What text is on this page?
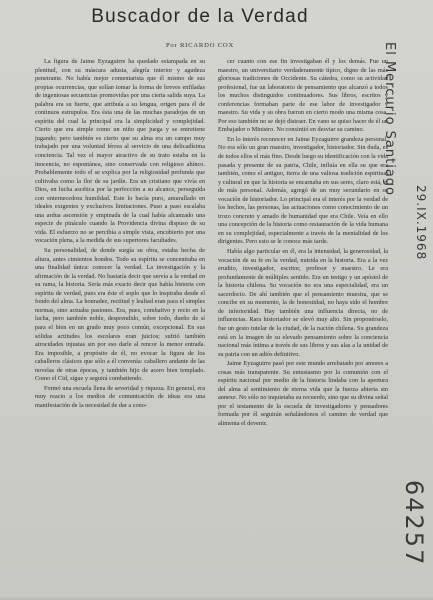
Buscador de la Verdad
Por RICARDO COX

La figura de Jaime Eyzaguirre ha quedado estampada en su plenitud, con su máscara adusta, alegría interior y agudeza penetrante. No había mejor comentarista que él mismo de sus propias ocurrencias, que solían tomar la forma de breves enfiladas de ingeniosas secuencias promovidas por una cierta salida suya. La palabra era su fuerte, que atribuía a su lengua, origen para él de continuos estrupulos. Era ésta una de las muchas paradojas de un espíritu del cual la principal era la simplicidad y complejidad. Cierto que era simple como un niño que juega y se entretiene jugando; pero también es cierto que su alma era un campo muy trabajado por una voluntad férrea al servicio de una delicadísima conciencia. Tal vez el mayor atractivo de su trato estaba en la inocencia, no espontánea, sino conservada con religioso ahínco. Probablemente todo el se explica por la religiosidad profunda que cultivaba como la flor de su jardín. Era un cristiano que vivía en Dios, en lucha ascética por la perfección a su alcance, perseguida con enternecedora humildad. Este lo hacía puro, amurallado en ideales exigentes y exclusivos limitaciones. Puso a paso escalaba una ardua ascensión y empinada de la cual había alcanzado una especie de pináculo cuando la Providencia divina dispuso de su vida. El esfuerzo no se percibía a simple vista, encubierto por una vocación plena, a la medida de sus superiores facultades.

Su personalidad, de donde surgía su obra, estaba hecha de altura, antes cimientos hondos. Todo su espíritu se concentraba en una finalidad única: conocer la verdad. La investigación y la afirmación de la verdad. No bastaría decir que servía a la verdad en su rama, la historia. Sería más exacto decir que había historia con espíritu de verdad, pues era éste el soplo que lo inspiraba desde el fondo del alma. La honradez, rectitud y lealtad eran para el simples normas, sino actuaba pasiones. Era, pues, combativo y recio en la lucha, pero también noble, desprendido, sobre todo, dueño de sí para el bien en un grado muy poco común, excepcional. En sus sólidas actitudes los escolares eran juicios; sufrió también atrocidades injustas sin por eso darle al rencor la menor entrada. Era imposible, a propósito de él, no evocar la figura de los caballeros clásicos que sólo a él convenía: caballero andante de las novelas de otras épocas, y también hijo de acero bien templado. Como el Cid, sigue y seguirá combatiendo.

Formó una escuela llena de severidad y riqueza. En general, era muy reacio a los medios de comunicación de ideas era una manifestación de la necesidad de dar a cono-

cer cuanto con ese fin investigaban él y los demás. Fue un maestro, un universitario verdaderamente típico, digno de las más gloriosas tradiciones de Occidente. Su cátedra, como su actividad profesional, fue un laboratorio de pensamiento que alcanzó a todos los muchos distinguidos continuadores. Sus libros, escritos y conferencias formaban parte de ese labor de investigador y maestro. Su vida y su obra fueron en cierto modo una misma cosa. Por eso también no se dejó distraer. En vano se quiso hacer de él un Embajador o Ministro. No consintió en desviar su camino.

En lo interés reconocer en Jaime Eyzaguirre grandeza personal. No era sólo un gran maestro, investigador, historiador. Sin duda, es de todos ellos el más fino. Desde luego su identificación con la vida pasada y presente de su patria, Chile, influía en ella su que era también, como el antiguo, tierra de una valiosa tradición espiritual y cultural en que la historia se encarnaba en sus seres, claro está, el de más personal. Además, agregó de un muy secundario en su vocación de historiador. Lo principal era el interés por la verdad de los hechos, las personas, las actuaciones como conocimiento de un trozo concreto y amado de humanidad que era Chile. Veía en ello una concepción de la historia como restauración de la vida humana en su complejidad, especialmente a través de la mentalidad de los dirigentes. Pero esto se le conoce más tarde.

Había algo particular en él, era la intensidad, la generosidad, la vocación de su fe en la verdad, nutrida en la historia. Era a la vez erudito, investigador, escritor, profesor y maestro. Le era profundamente de múltiples sentido. Era un testigo y un apóstol de la historia chilena. Su vocación no era una especialidad, era un sacerdocio. De ahí también que el pensamiento muestra, que se concibe en su momento, la de honestidad, no haya sido el hombre de inferioridad. Hay también una influencia directa, no de influencias. Rara historiador se elevó muy alto. Sin proponérselo, fue un gesto tutelar de la ciudad, de la nación chilena. Su grandeza está en la imagen de su elevado pensamiento sobre la conciencia nacional más íntima a través de sus libros y sus alas a la unidad de su patria con un adiós definitivo.

Jaime Eyzaguirre pasó por este mundo arrebatado por amores a cosas más transparente. Su entusiasmo por la comunión con el espíritu nacional por medio de la historia lindaba con la apertura del alma al sentimiento de eterna vida que la fuerza abierta sin annexe. No sólo no inquietaba su recuerdo, sino que su divina señal por el testamento de la escuela de investigadores y pensadores formada por él seguirán señalándonos el camino de verdad que alimenta el devenir.

El Mercurio Santiago
29.IX.1968
64257
